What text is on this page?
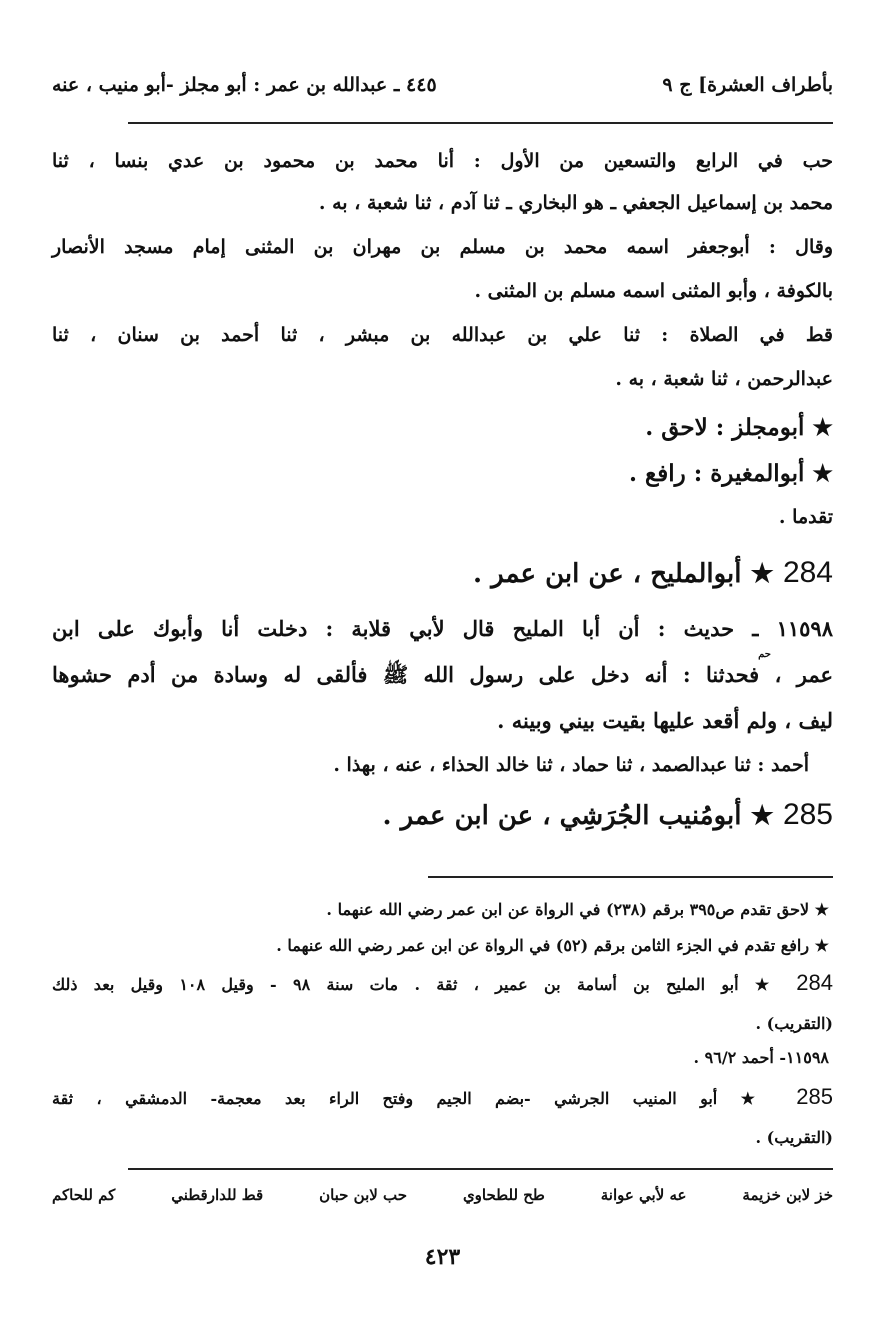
بأطراف العشرة] ج ٩
٤٤٥ ـ عبدالله بن عمر : أبو مجلز -أبو منيب ، عنه
حب في الرابع والتسعين من الأول : أنا محمد بن محمود بن عدي بنسا ، ثنا
محمد بن إسماعيل الجعفي ـ هو البخاري ـ ثنا آدم ، ثنا شعبة ، به .
وقال : أبوجعفر اسمه محمد بن مسلم بن مهران بن المثنى إمام مسجد الأنصار
بالكوفة ، وأبو المثنى اسمه مسلم بن المثنى .
قط في الصلاة : ثنا علي بن عبدالله بن مبشر ، ثنا أحمد بن سنان ، ثنا
عبدالرحمن ، ثنا شعبة ، به .
★ أبومجلز : لاحق .
★ أبوالمغيرة : رافع .
تقدما .
284 ★ أبوالمليح ، عن ابن عمر .
١١٥٩٨ ـ حديث : أن أبا المليح قال لأبي قلابة : دخلت أنا وأبوك على ابن
حم
عمر ، فحدثنا : أنه دخل على رسول الله ﷺ فألقى له وسادة من أدم حشوها
ليف ، ولم أقعد عليها بقيت بيني وبينه .
أحمد : ثنا عبدالصمد ، ثنا حماد ، ثنا خالد الحذاء ، عنه ، بهذا .
285 ★ أبومُنيب الجُرَشِي ، عن ابن عمر .
★ لاحق تقدم ص٣٩٥ برقم (٢٣٨) في الرواة عن ابن عمر رضي الله عنهما .
★ رافع تقدم في الجزء الثامن برقم (٥٢) في الرواة عن ابن عمر رضي الله عنهما .
284 ★ أبو المليح بن أسامة بن عمير ، ثقة . مات سنة ٩٨ - وقيل ١٠٨ وقيل بعد ذلك
(التقريب) .
١١٥٩٨- أحمد ٩٦/٢ .
285 ★ أبو المنيب الجرشي -بضم الجيم وفتح الراء بعد معجمة- الدمشقي ، ثقة
(التقريب) .
خز لابن خزيمة
عه لأبي عوانة
طح للطحاوي
حب لابن حبان
قط للدارقطني
كم للحاكم
٤٢٣
